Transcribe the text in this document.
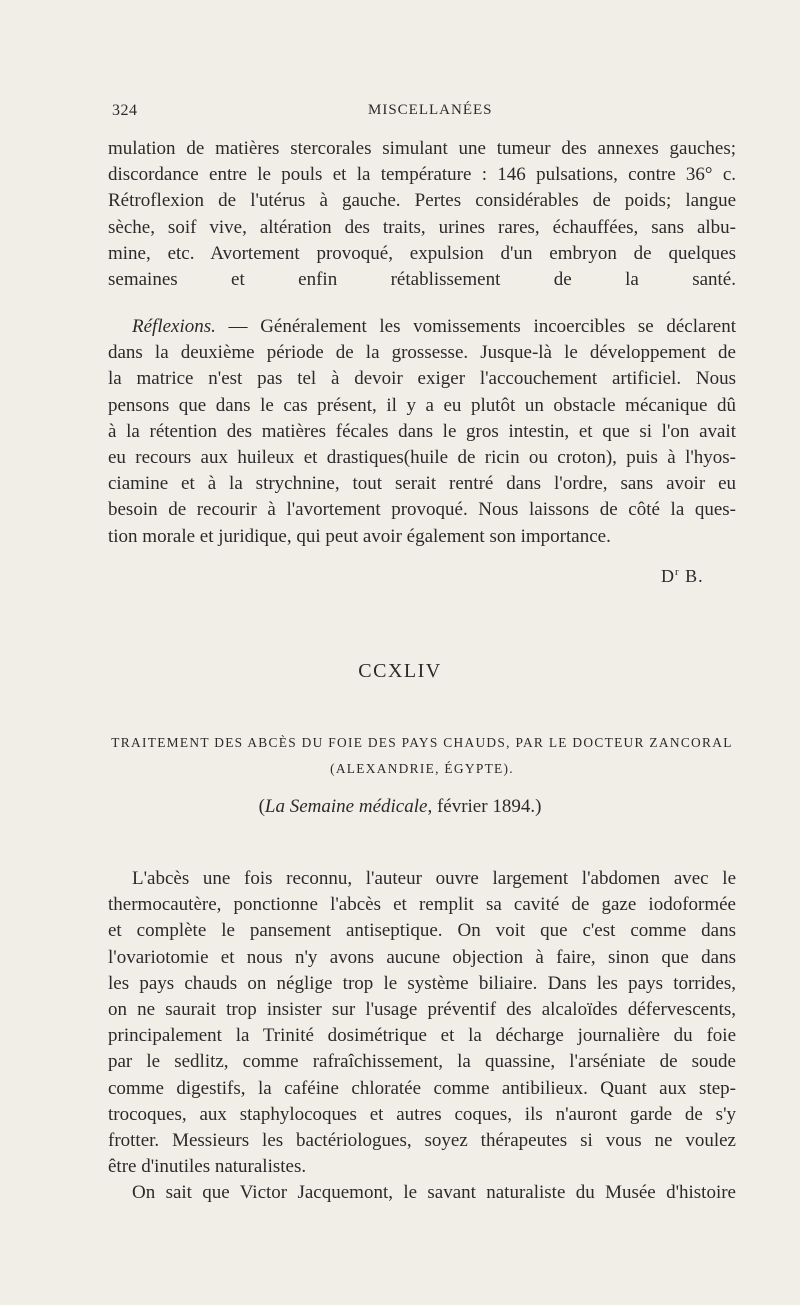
324	MISCELLANÉES

mulation de matières stercorales simulant une tumeur des annexes gauches;

discordance entre le pouls et la température : 146 pulsations, contre 36° c.

Rétroflexion de l'utérus à gauche. Pertes considérables de poids; langue

sèche, soif vive, altération des traits, urines rares, échauffées, sans albu-

mine, etc. Avortement provoqué, expulsion d'un embryon de quelques

semaines et enfin rétablissement de la santé.

Réflexions. — Généralement les vomissements incoercibles se déclarent

dans la deuxième période de la grossesse. Jusque-là le développement de

la matrice n'est pas tel à devoir exiger l'accouchement artificiel. Nous

pensons que dans le cas présent, il y a eu plutôt un obstacle mécanique dû

à la rétention des matières fécales dans le gros intestin, et que si l'on avait

eu recours aux huileux et drastiques(huile de ricin ou croton), puis à l'hyos-

ciamine et à la strychnine, tout serait rentré dans l'ordre, sans avoir eu

besoin de recourir à l'avortement provoqué. Nous laissons de côté la ques-

tion morale et juridique, qui peut avoir également son importance.

$D^r$ B.
CCXLIV
TRAITEMENT DES ABCÈS DU FOIE DES PAYS CHAUDS, PAR LE DOCTEUR ZANCORAL
(ALEXANDRIE, ÉGYPTE).
(La Semaine médicale, février 1894.)

L'abcès une fois reconnu, l'auteur ouvre largement l'abdomen avec le

thermocautère, ponctionne l'abcès et remplit sa cavité de gaze iodoformée

et complète le pansement antiseptique. On voit que c'est comme dans

l'ovariotomie et nous n'y avons aucune objection à faire, sinon que dans

les pays chauds on néglige trop le système biliaire. Dans les pays torrides,

on ne saurait trop insister sur l'usage préventif des alcaloïdes défervescents,

principalement la Trinité dosimétrique et la décharge journalière du foie

par le sedlitz, comme rafraîchissement, la quassine, l'arséniate de soude

comme digestifs, la caféine chloratée comme antibilieux. Quant aux step-

trocoques, aux staphylocoques et autres coques, ils n'auront garde de s'y

frotter. Messieurs les bactériologues, soyez thérapeutes si vous ne voulez

être d'inutiles naturalistes.

On sait que Victor Jacquemont, le savant naturaliste du Musée d'histoire
